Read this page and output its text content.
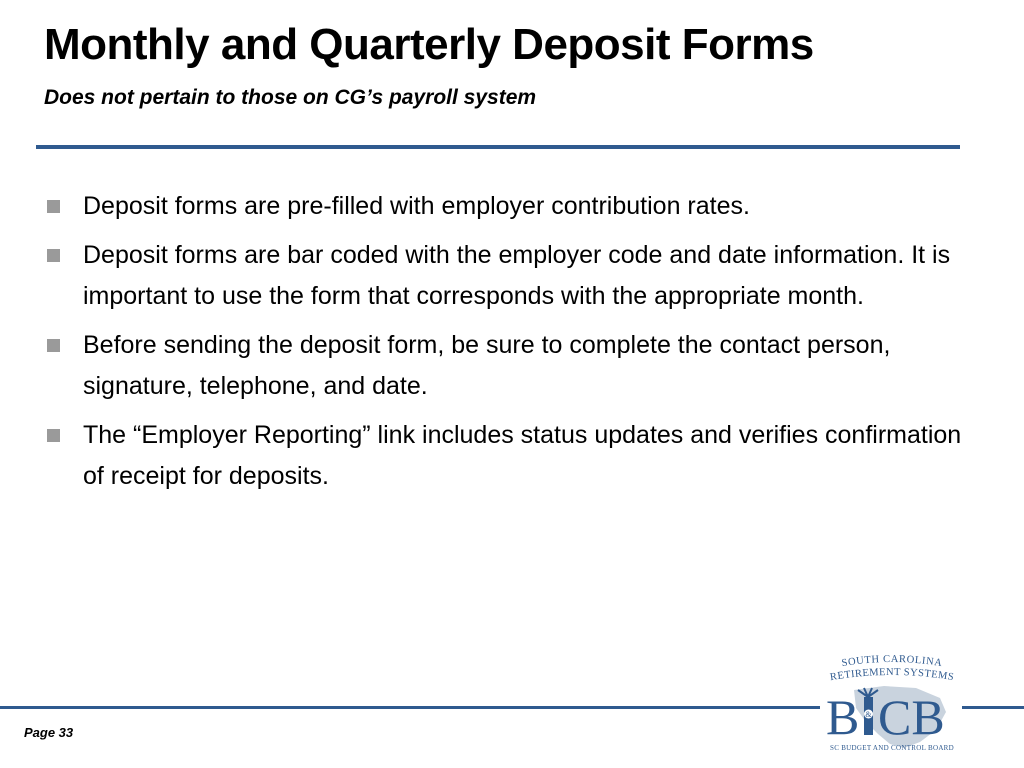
Monthly and Quarterly Deposit Forms
Does not pertain to those on CG’s payroll system
Deposit forms are pre-filled with employer contribution rates.
Deposit forms are bar coded with the employer code and date information. It is important to use the form that corresponds with the appropriate month.
Before sending the deposit form, be sure to complete the contact person, signature, telephone, and date.
The “Employer Reporting” link includes status updates and verifies confirmation of receipt for deposits.
Page 33
SOUTH CAROLINA
RETIREMENT SYSTEMS
B & CB
SC BUDGET AND CONTROL BOARD
